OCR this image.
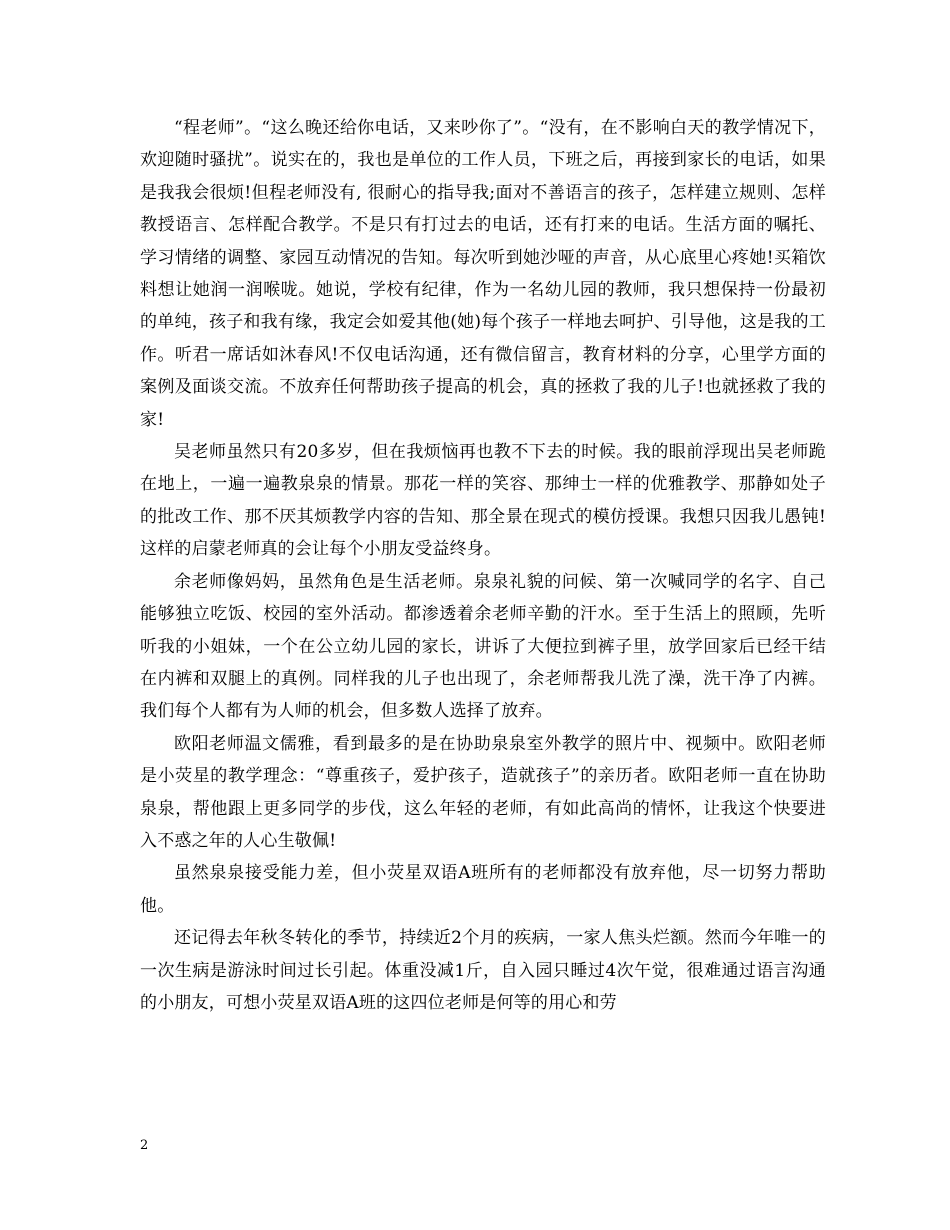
“程老师”。“这么晚还给你电话，又来吵你了”。“没有，在不影响白天的教学情况下，欢迎随时骚扰”。说实在的，我也是单位的工作人员，下班之后，再接到家长的电话，如果是我我会很烦!但程老师没有, 很耐心的指导我;面对不善语言的孩子，怎样建立规则、怎样教授语言、怎样配合教学。不是只有打过去的电话，还有打来的电话。生活方面的嘱托、学习情绪的调整、家园互动情况的告知。每次听到她沙哑的声音，从心底里心疼她!买箱饮料想让她润一润喉咙。她说，学校有纪律，作为一名幼儿园的教师，我只想保持一份最初的单纯，孩子和我有缘，我定会如爱其他(她)每个孩子一样地去呵护、引导他，这是我的工作。听君一席话如沐春风!不仅电话沟通，还有微信留言，教育材料的分享，心里学方面的案例及面谈交流。不放弃任何帮助孩子提高的机会，真的拯救了我的儿子!也就拯救了我的家!

吴老师虽然只有20多岁，但在我烦恼再也教不下去的时候。我的眼前浮现出吴老师跪在地上，一遍一遍教泉泉的情景。那花一样的笑容、那绅士一样的优雅教学、那静如处子的批改工作、那不厌其烦教学内容的告知、那全景在现式的模仿授课。我想只因我儿愚钝!这样的启蒙老师真的会让每个小朋友受益终身。

余老师像妈妈，虽然角色是生活老师。泉泉礼貌的问候、第一次喊同学的名字、自己能够独立吃饭、校园的室外活动。都渗透着余老师辛勤的汗水。至于生活上的照顾，先听听我的小姐妹，一个在公立幼儿园的家长，讲诉了大便拉到裤子里，放学回家后已经干结在内裤和双腿上的真例。同样我的儿子也出现了，余老师帮我儿洗了澡，洗干净了内裤。我们每个人都有为人师的机会，但多数人选择了放弃。

欧阳老师温文儒雅，看到最多的是在协助泉泉室外教学的照片中、视频中。欧阳老师是小荧星的教学理念：“尊重孩子，爱护孩子，造就孩子”的亲历者。欧阳老师一直在协助泉泉，帮他跟上更多同学的步伐，这么年轻的老师，有如此高尚的情怀，让我这个快要进入不惑之年的人心生敬佩!

虽然泉泉接受能力差，但小荧星双语A班所有的老师都没有放弃他，尽一切努力帮助他。

还记得去年秋冬转化的季节，持续近2个月的疾病，一家人焦头烂额。然而今年唯一的一次生病是游泳时间过长引起。体重没减1斤，自入园只睡过4次午觉，很难通过语言沟通的小朋友，可想小荧星双语A班的这四位老师是何等的用心和劳

2
